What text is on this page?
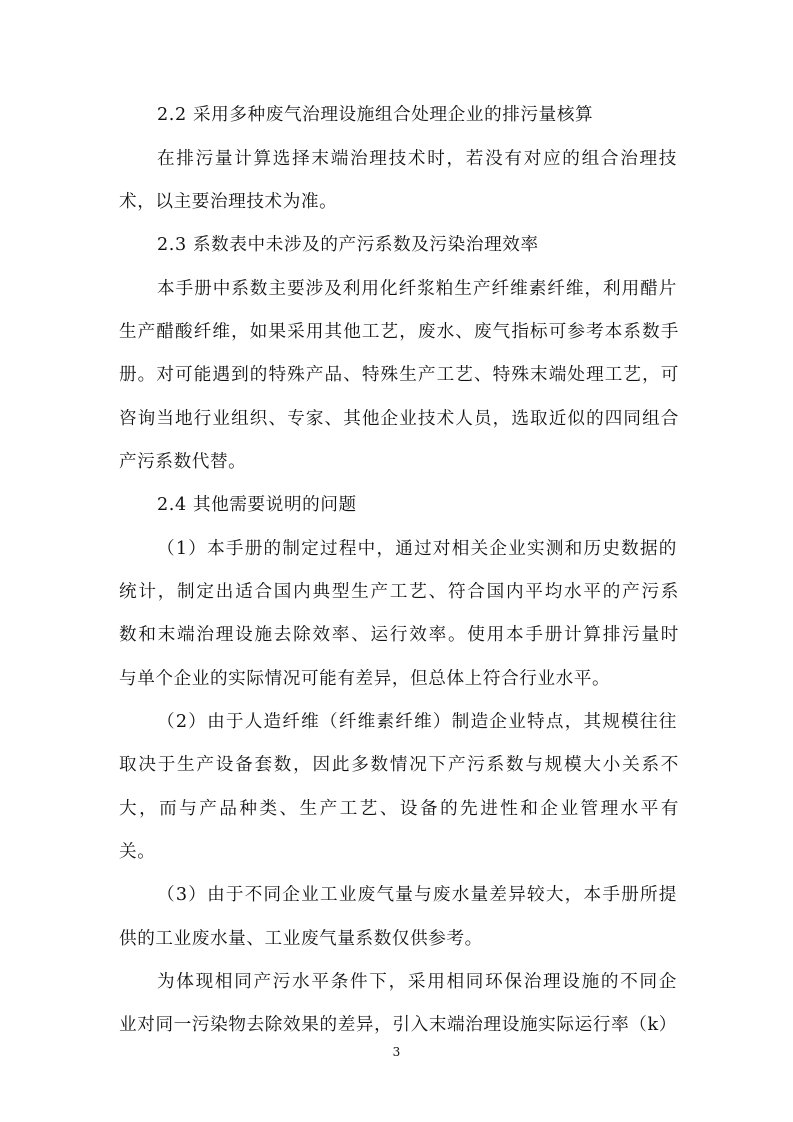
2.2 采用多种废气治理设施组合处理企业的排污量核算
在排污量计算选择末端治理技术时，若没有对应的组合治理技
术，以主要治理技术为准。
2.3 系数表中未涉及的产污系数及污染治理效率
本手册中系数主要涉及利用化纤浆粕生产纤维素纤维，利用醋片
生产醋酸纤维，如果采用其他工艺，废水、废气指标可参考本系数手
册。对可能遇到的特殊产品、特殊生产工艺、特殊末端处理工艺，可
咨询当地行业组织、专家、其他企业技术人员，选取近似的四同组合
产污系数代替。
2.4 其他需要说明的问题
（1）本手册的制定过程中，通过对相关企业实测和历史数据的
统计，制定出适合国内典型生产工艺、符合国内平均水平的产污系
数和末端治理设施去除效率、运行效率。使用本手册计算排污量时
与单个企业的实际情况可能有差异，但总体上符合行业水平。
（2）由于人造纤维（纤维素纤维）制造企业特点，其规模往往
取决于生产设备套数，因此多数情况下产污系数与规模大小关系不
大，而与产品种类、生产工艺、设备的先进性和企业管理水平有
关。
（3）由于不同企业工业废气量与废水量差异较大，本手册所提
供的工业废水量、工业废气量系数仅供参考。
为体现相同产污水平条件下，采用相同环保治理设施的不同企
业对同一污染物去除效果的差异，引入末端治理设施实际运行率（k）
3
